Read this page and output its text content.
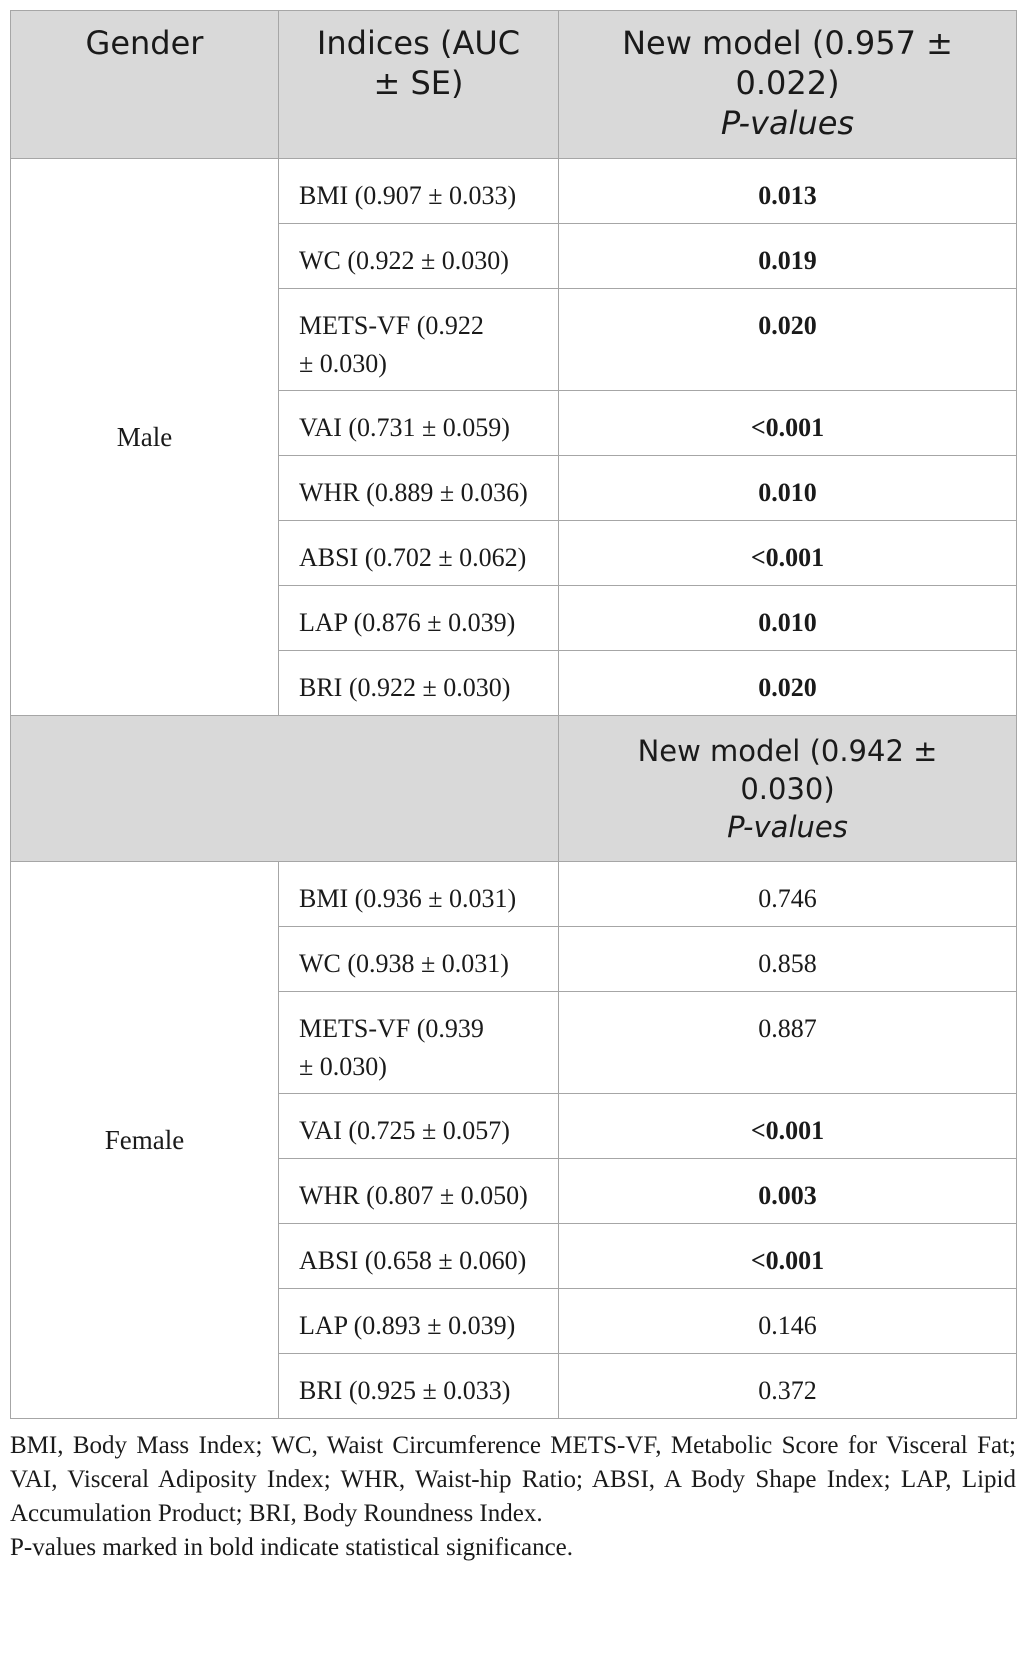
Gender	Indices (AUC ± SE)	New model (0.957 ± 0.022)
P-values

Male	BMI (0.907 ± 0.033)	0.013
	WC (0.922 ± 0.030)	0.019

	METS-VF (0.922 ± 0.030)	0.020
	VAI (0.731 ± 0.059)	<0.001
	WHR (0.889 ± 0.036)	0.010
	ABSI (0.702 ± 0.062)	<0.001
	LAP (0.876 ± 0.039)	0.010
	BRI (0.922 ± 0.030)	0.020

		New model (0.942 ± 0.030)
P-values

Female	BMI (0.936 ± 0.031)	0.746
	WC (0.938 ± 0.031)	0.858

	METS-VF (0.939 ± 0.030)	0.887
	VAI (0.725 ± 0.057)	<0.001
	WHR (0.807 ± 0.050)	0.003
	ABSI (0.658 ± 0.060)	<0.001
	LAP (0.893 ± 0.039)	0.146
	BRI (0.925 ± 0.033)	0.372

BMI, Body Mass Index; WC, Waist Circumference METS-VF, Metabolic Score for Visceral Fat; VAI, Visceral Adiposity Index; WHR, Waist-hip Ratio; ABSI, A Body Shape Index; LAP, Lipid Accumulation Product; BRI, Body Roundness Index.

P-values marked in bold indicate statistical significance.
